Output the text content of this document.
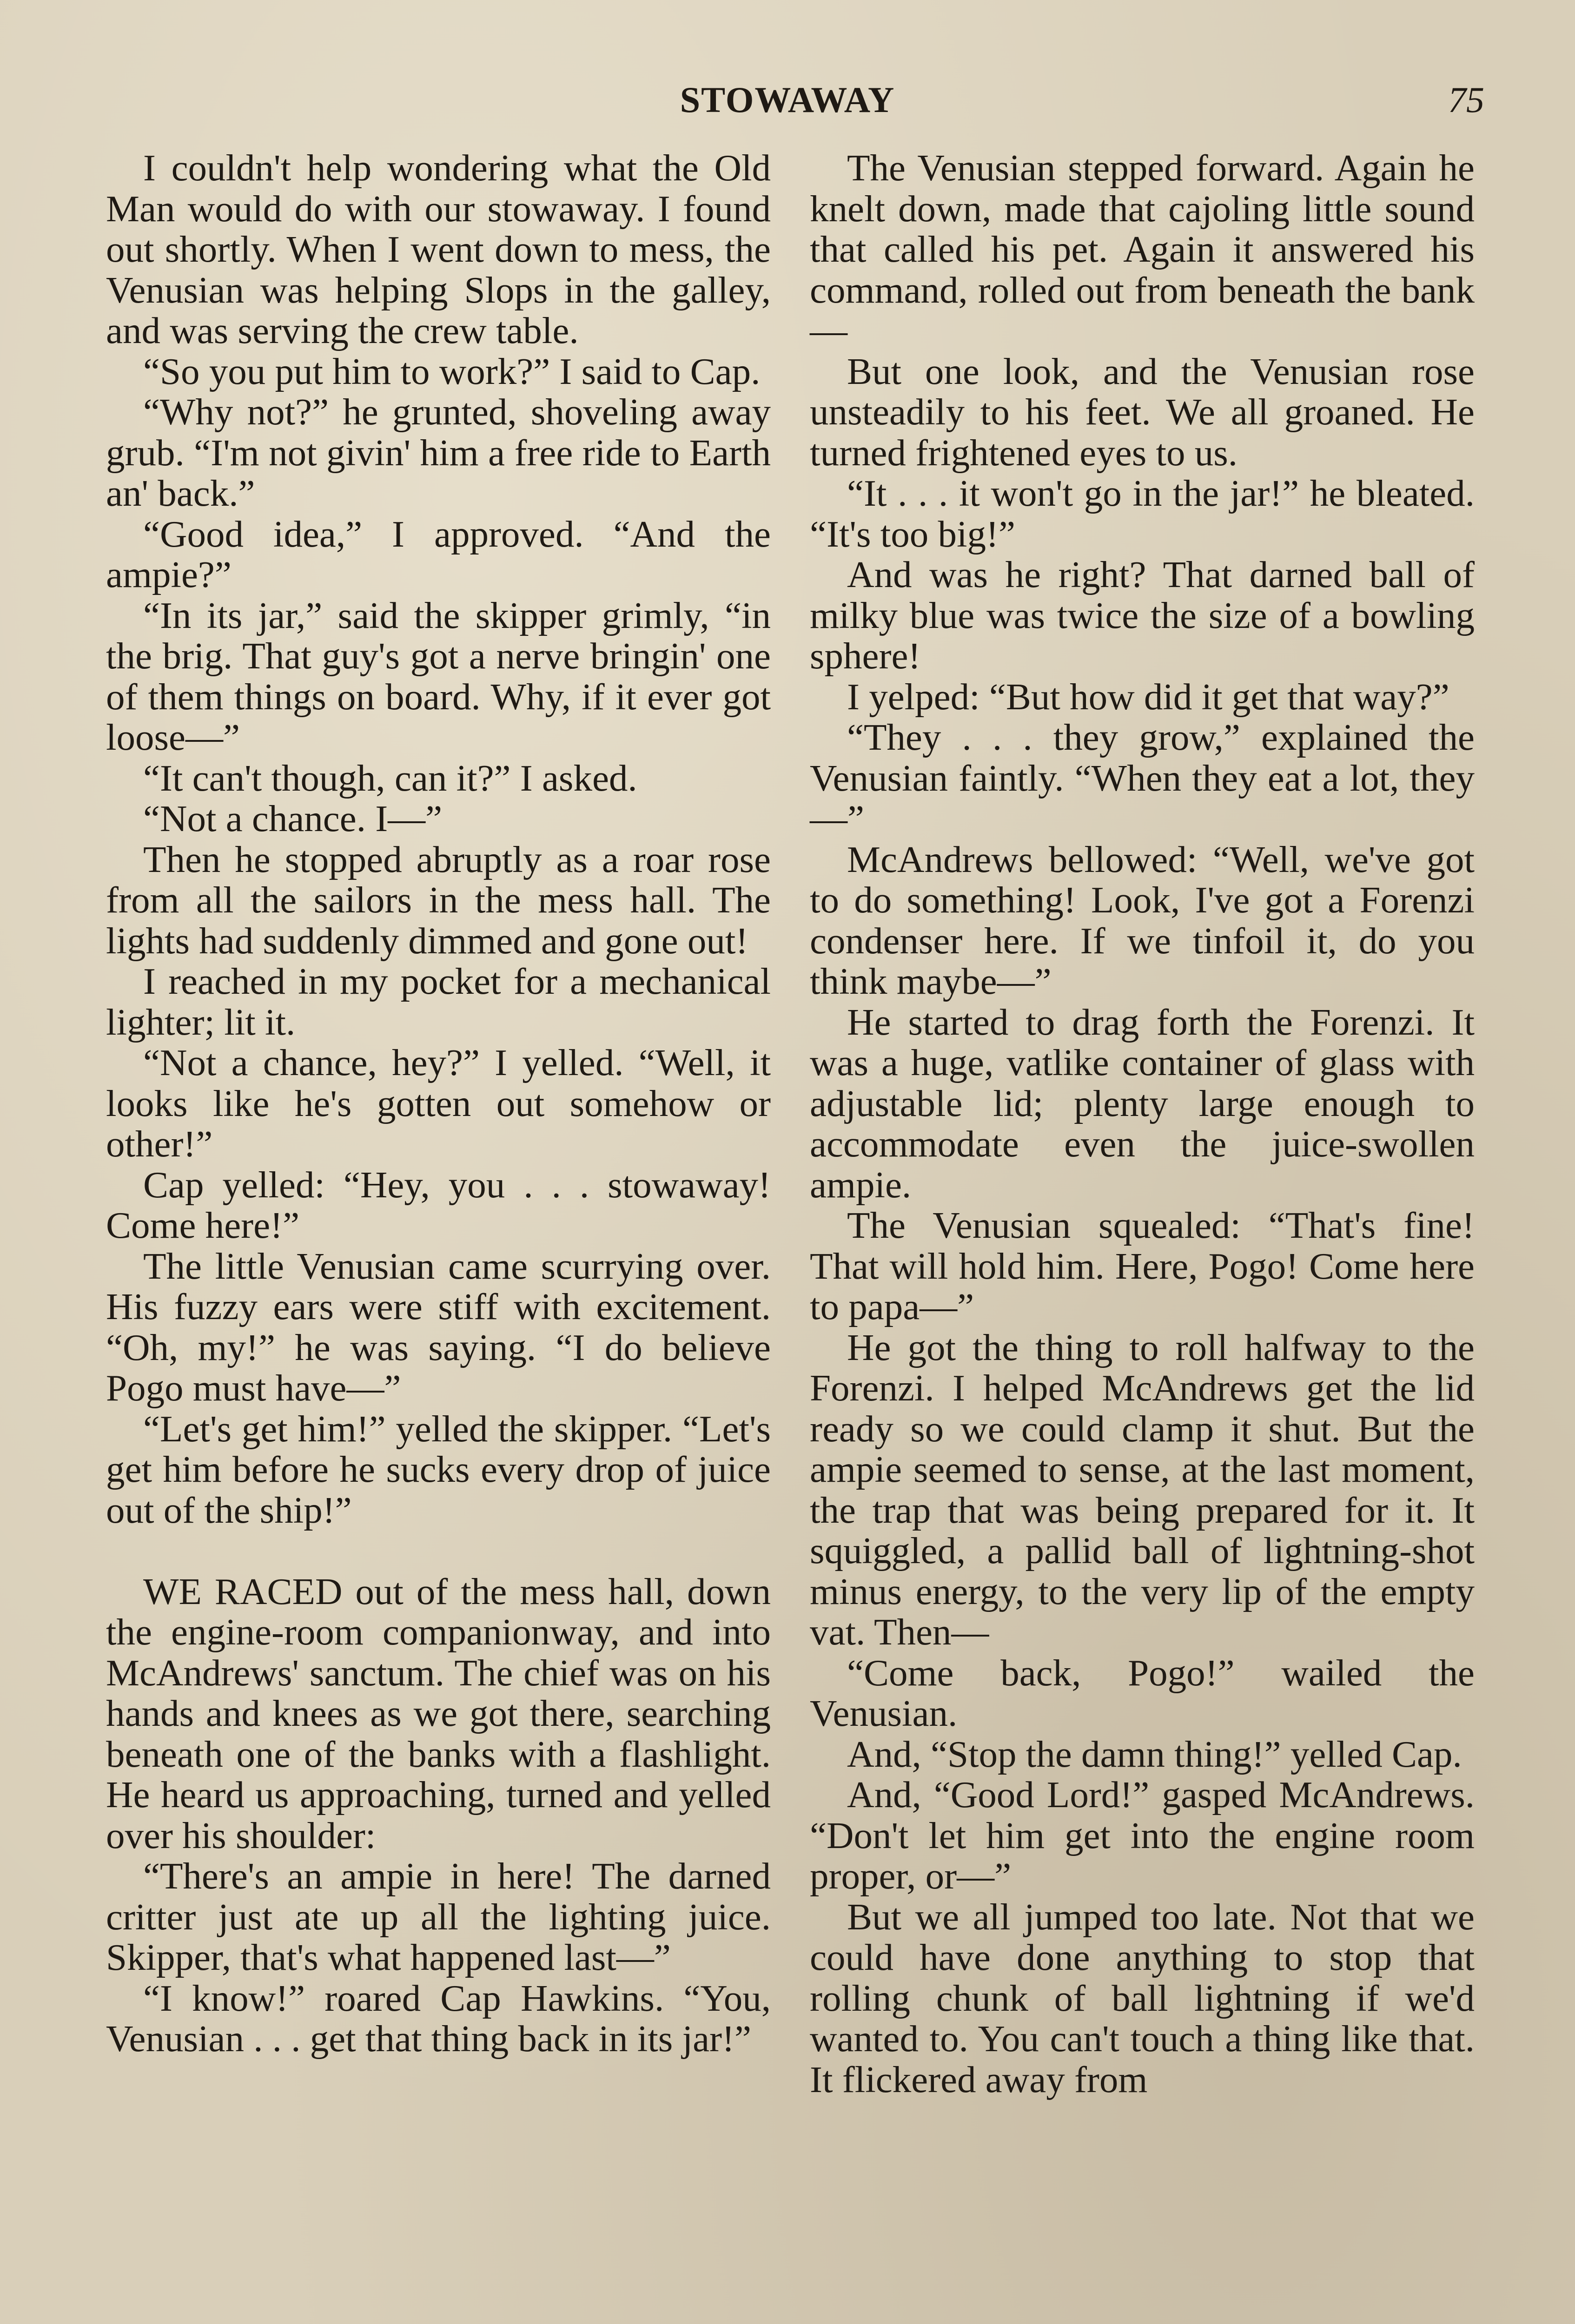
STOWAWAY	75

I couldn't help wondering what the Old Man would do with our stowaway. I found out shortly. When I went down to mess, the Venusian was helping Slops in the galley, and was serving the crew table.

“So you put him to work?” I said to Cap.

“Why not?” he grunted, shoveling away grub. “I'm not givin' him a free ride to Earth an' back.”

“Good idea,” I approved. “And the ampie?”

“In its jar,” said the skipper grimly, “in the brig. That guy's got a nerve bringin' one of them things on board. Why, if it ever got loose—”

“It can't though, can it?” I asked.

“Not a chance. I—”

Then he stopped abruptly as a roar rose from all the sailors in the mess hall. The lights had suddenly dimmed and gone out!

I reached in my pocket for a mechanical lighter; lit it.

“Not a chance, hey?” I yelled. “Well, it looks like he's gotten out somehow or other!”

Cap yelled: “Hey, you . . . stowaway! Come here!”

The little Venusian came scurrying over. His fuzzy ears were stiff with excitement. “Oh, my!” he was saying. “I do believe Pogo must have—”

“Let's get him!” yelled the skipper. “Let's get him before he sucks every drop of juice out of the ship!”

WE RACED out of the mess hall, down the engine-room companionway, and into McAndrews' sanctum. The chief was on his hands and knees as we got there, searching beneath one of the banks with a flashlight. He heard us approaching, turned and yelled over his shoulder:

“There's an ampie in here! The darned critter just ate up all the lighting juice. Skipper, that's what happened last—”

“I know!” roared Cap Hawkins. “You, Venusian . . . get that thing back in its jar!”

The Venusian stepped forward. Again he knelt down, made that cajoling little sound that called his pet. Again it answered his command, rolled out from beneath the bank—

But one look, and the Venusian rose unsteadily to his feet. We all groaned. He turned frightened eyes to us.

“It . . . it won't go in the jar!” he bleated. “It's too big!”

And was he right? That darned ball of milky blue was twice the size of a bowling sphere!

I yelped: “But how did it get that way?”

“They . . . they grow,” explained the Venusian faintly. “When they eat a lot, they—”

McAndrews bellowed: “Well, we've got to do something! Look, I've got a Forenzi condenser here. If we tinfoil it, do you think maybe—”

He started to drag forth the Forenzi. It was a huge, vatlike container of glass with adjustable lid; plenty large enough to accommodate even the juice-swollen ampie.

The Venusian squealed: “That's fine! That will hold him. Here, Pogo! Come here to papa—”

He got the thing to roll halfway to the Forenzi. I helped McAndrews get the lid ready so we could clamp it shut. But the ampie seemed to sense, at the last moment, the trap that was being prepared for it. It squiggled, a pallid ball of lightning-shot minus energy, to the very lip of the empty vat. Then—

“Come back, Pogo!” wailed the Venusian.

And, “Stop the damn thing!” yelled Cap.

And, “Good Lord!” gasped McAndrews. “Don't let him get into the engine room proper, or—”

But we all jumped too late. Not that we could have done anything to stop that rolling chunk of ball lightning if we'd wanted to. You can't touch a thing like that. It flickered away from
